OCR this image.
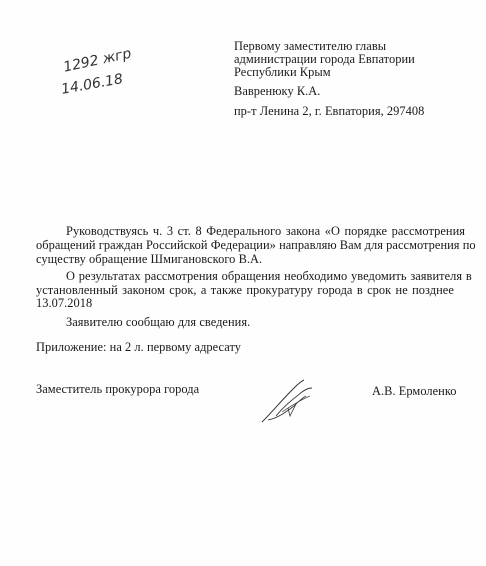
1292 жгр
14.06.18
Первому заместителю главы
администрации города Евпатории
Республики Крым
Вавренюку К.А.
пр-т Ленина 2, г. Евпатория, 297408
Руководствуясь ч. 3 ст. 8 Федерального закона «О порядке рассмотрения
обращений граждан Российской Федерации» направляю Вам для рассмотрения по
существу обращение Шмигановского В.А.
О результатах рассмотрения обращения необходимо уведомить заявителя в
установленный законом срок, а также прокуратуру города в срок не позднее
13.07.2018
Заявителю сообщаю для сведения.
Приложение: на 2 л. первому адресату
Заместитель прокурора города	А.В. Ермоленко
